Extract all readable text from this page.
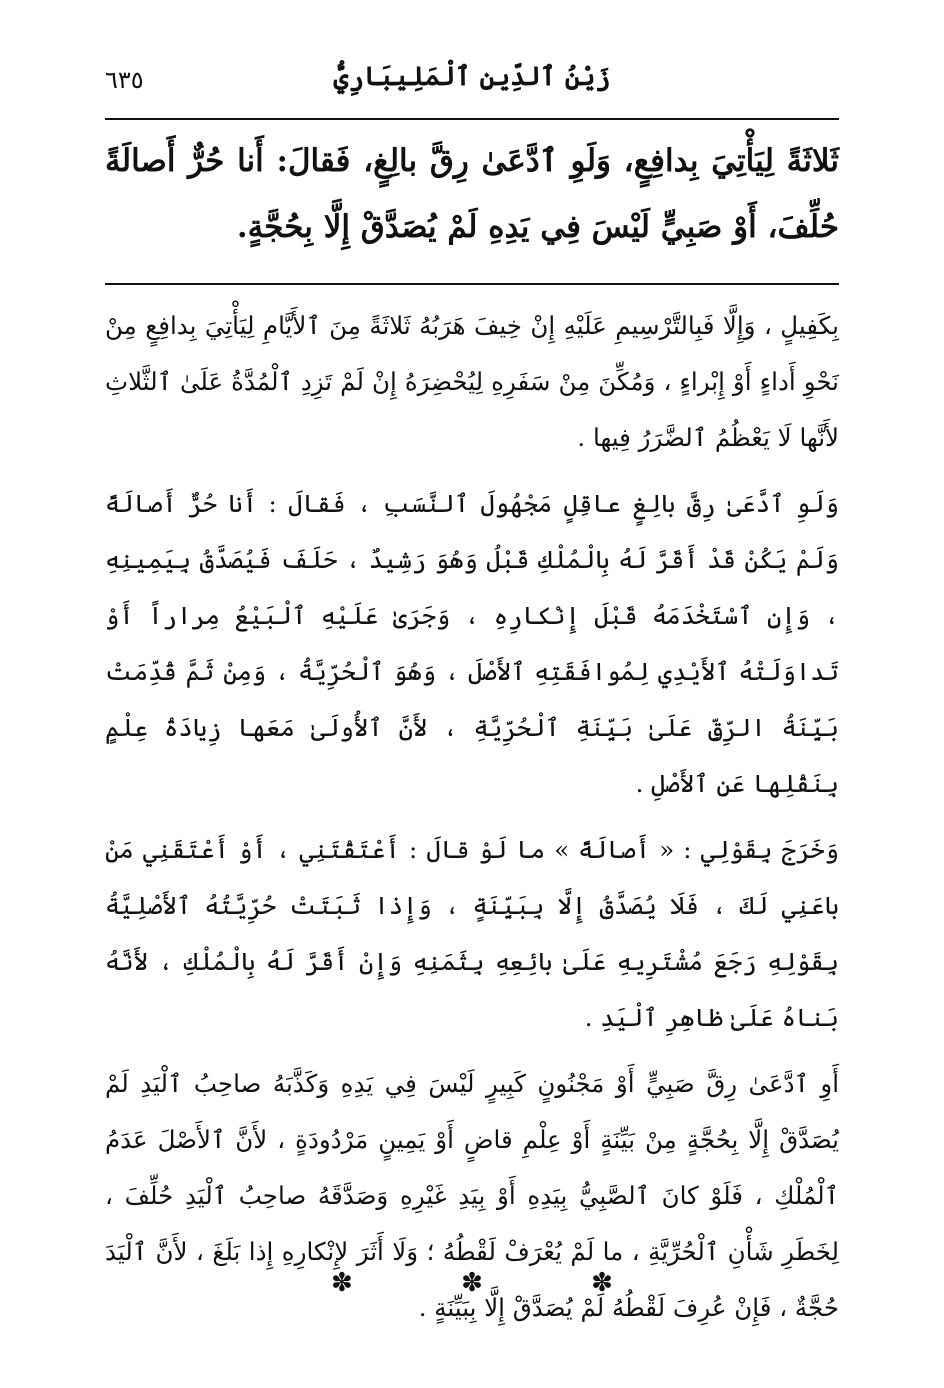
زَيْنُ ٱلدِّينِ ٱلْمَلِيبَارِيُّ
٦٣٥
ثَلاثَةً لِيَأْتِيَ بِدافِعٍ، وَلَوِ ٱدَّعَىٰ رِقَّ بالِغٍ، فَقالَ: أَنا حُرٌّ أَصالَةً حُلِّفَ، أَوْ صَبِيٍّ لَيْسَ فِي يَدِهِ لَمْ يُصَدَّقْ إِلَّا بِحُجَّةٍ.

بِكَفِيلٍ ، وَإِلَّا فَبِالتَّرْسِيمِ عَلَيْهِ إِنْ خِيفَ هَرَبُهُ ثَلاثَةً مِنَ ٱلأَيَّامِ لِيَأْتِيَ بِدافِعٍ مِنْ نَحْوِ أَداءٍ أَوْ إِبْراءٍ ، وَمُكِّنَ مِنْ سَفَرِهِ لِيُحْضِرَهُ إِنْ لَمْ تَزِدِ ٱلْمُدَّةُ عَلَىٰ ٱلثَّلاثِ لأَنَّها لَا يَعْظُمُ ٱلضَّرَرُ فِيها .

وَلَوِ ٱدَّعَىٰ رِقَّ بالِغٍ عاقِلٍ مَجْهُولَ ٱلنَّسَبِ ، فَقالَ : أَنا حُرٌّ أَصالَةً وَلَمْ يَكُنْ قَدْ أَقَرَّ لَهُ بِالْمُلْكِ قَبْلُ وَهُوَ رَشِيدٌ ، حَلَفَ فَيُصَدَّقُ بِيَمِينِهِ ، وَإِنِ ٱسْتَخْدَمَهُ قَبْلَ إِنْكارِهِ ، وَجَرَىٰ عَلَيْهِ ٱلْبَيْعُ مِراراً أَوْ تَداوَلَتْهُ ٱلأَيْدِي لِمُوافَقَتِهِ ٱلأَصْلَ ، وَهُوَ ٱلْحُرِّيَّةُ ، وَمِنْ ثَمَّ قُدِّمَتْ بَيِّنَةُ الرِّقِّ عَلَىٰ بَيِّنَةِ ٱلْحُرِّيَّةِ ، لأَنَّ ٱلأُولَىٰ مَعَها زِيادَةُ عِلْمٍ بِنَقْلِها عَنِ ٱلأَصْلِ .

وَخَرَجَ بِقَوْلِي : « أَصالَةً » ما لَوْ قالَ : أَعْتَقْتَنِي ، أَوْ أَعْتَقَنِي مَنْ باعَنِي لَكَ ، فَلَا يُصَدَّقُ إِلَّا بِبَيِّنَةٍ ، وَإِذا ثَبَتَتْ حُرِّيَّتُهُ ٱلأَصْلِيَّةُ بِقَوْلِهِ رَجَعَ مُشْتَرِيهِ عَلَىٰ بائِعِهِ بِثَمَنِهِ وَإِنْ أَقَرَّ لَهُ بِالْمُلْكِ ، لأَنَّهُ بَناهُ عَلَىٰ ظاهِرِ ٱلْيَدِ .

أَوِ ٱدَّعَىٰ رِقَّ صَبِيٍّ أَوْ مَجْنُونٍ كَبِيرٍ لَيْسَ فِي يَدِهِ وَكَذَّبَهُ صاحِبُ ٱلْيَدِ لَمْ يُصَدَّقْ إِلَّا بِحُجَّةٍ مِنْ بَيِّنَةٍ أَوْ عِلْمِ قاضٍ أَوْ يَمِينٍ مَرْدُودَةٍ ، لأَنَّ ٱلأَصْلَ عَدَمُ ٱلْمُلْكِ ، فَلَوْ كانَ ٱلصَّبِيُّ بِيَدِهِ أَوْ بِيَدِ غَيْرِهِ وَصَدَّقَهُ صاحِبُ ٱلْيَدِ حُلِّفَ ، لِخَطَرِ شَأْنِ ٱلْحُرِّيَّةِ ، ما لَمْ يُعْرَفْ لَقْطُهُ ؛ وَلَا أَثَرَ لإِنْكارِهِ إِذا بَلَغَ ، لأَنَّ ٱلْيَدَ حُجَّةٌ ، فَإِنْ عُرِفَ لَقْطُهُ لَمْ يُصَدَّقْ إِلَّا بِبَيِّنَةٍ .

✽	✽	✽
